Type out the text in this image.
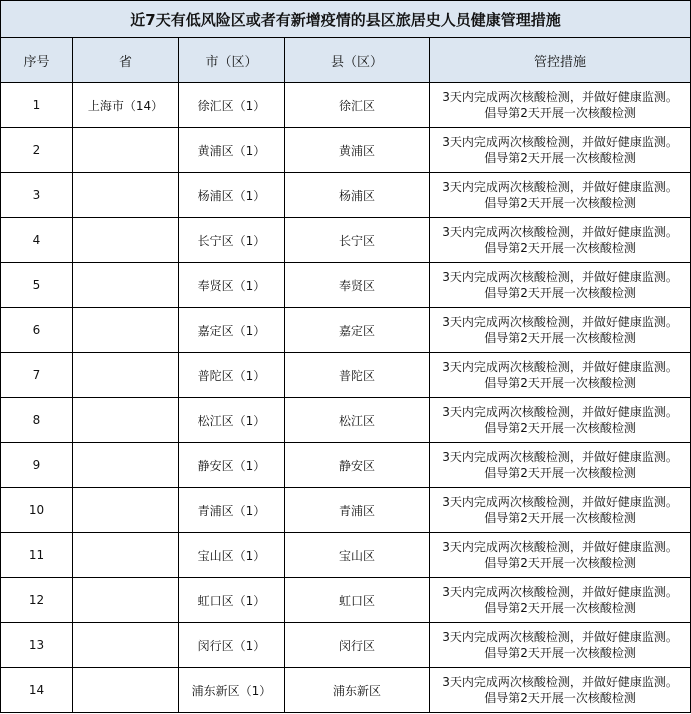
近7天有低风险区或者有新增疫情的县区旅居史人员健康管理措施				
序号	省	市（区）	县（区）	管控措施
1	上海市（14）	徐汇区（1）	徐汇区	3天内完成两次核酸检测，并做好健康监测。
倡导第2天开展一次核酸检测

2		黄浦区（1）	黄浦区	3天内完成两次核酸检测，并做好健康监测。
倡导第2天开展一次核酸检测

3		杨浦区（1）	杨浦区	3天内完成两次核酸检测，并做好健康监测。
倡导第2天开展一次核酸检测

4		长宁区（1）	长宁区	3天内完成两次核酸检测，并做好健康监测。
倡导第2天开展一次核酸检测

5		奉贤区（1）	奉贤区	3天内完成两次核酸检测，并做好健康监测。
倡导第2天开展一次核酸检测

6		嘉定区（1）	嘉定区	3天内完成两次核酸检测，并做好健康监测。
倡导第2天开展一次核酸检测

7		普陀区（1）	普陀区	3天内完成两次核酸检测，并做好健康监测。
倡导第2天开展一次核酸检测

8		松江区（1）	松江区	3天内完成两次核酸检测，并做好健康监测。
倡导第2天开展一次核酸检测

9		静安区（1）	静安区	3天内完成两次核酸检测，并做好健康监测。
倡导第2天开展一次核酸检测

10		青浦区（1）	青浦区	3天内完成两次核酸检测，并做好健康监测。
倡导第2天开展一次核酸检测

11		宝山区（1）	宝山区	3天内完成两次核酸检测，并做好健康监测。
倡导第2天开展一次核酸检测

12		虹口区（1）	虹口区	3天内完成两次核酸检测，并做好健康监测。
倡导第2天开展一次核酸检测

13		闵行区（1）	闵行区	3天内完成两次核酸检测，并做好健康监测。
倡导第2天开展一次核酸检测

14		浦东新区（1）	浦东新区	3天内完成两次核酸检测，并做好健康监测。
倡导第2天开展一次核酸检测
